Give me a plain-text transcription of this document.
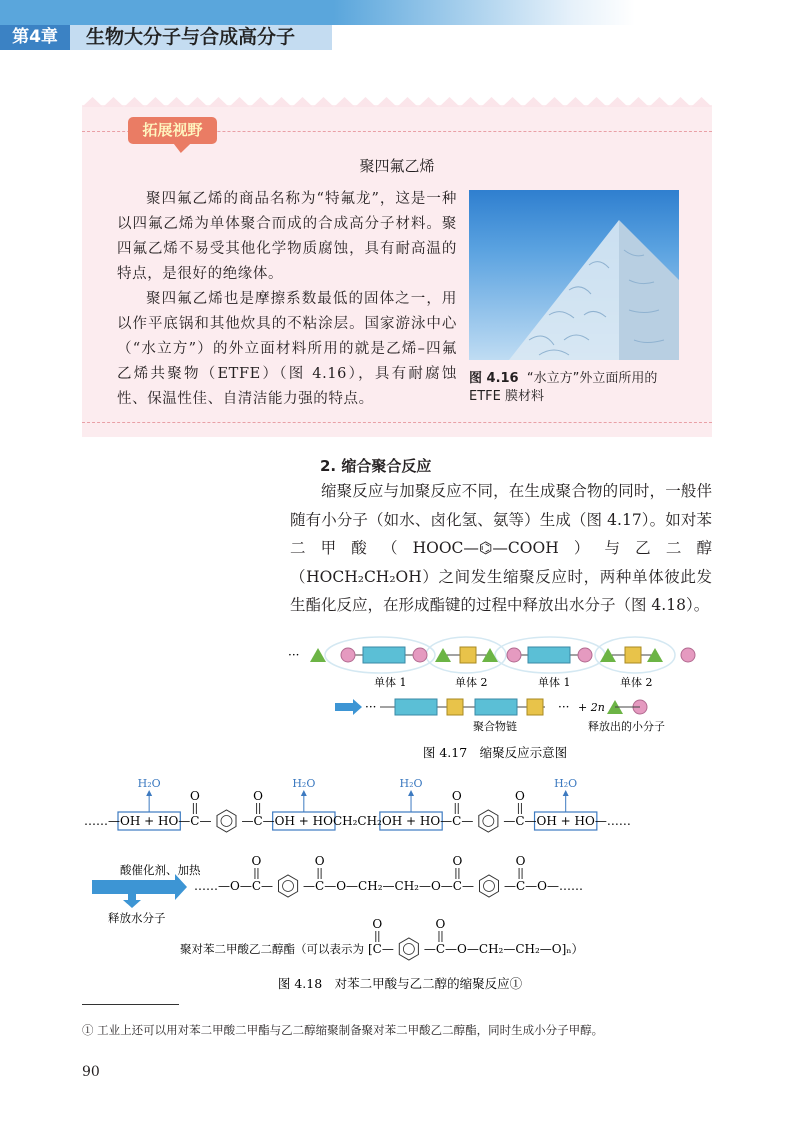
第4章	生物大分子与合成高分子
拓展视野
聚四氟乙烯

聚四氟乙烯的商品名称为“特氟龙”，这是一种以四氟乙烯为单体聚合而成的合成高分子材料。聚四氟乙烯不易受其他化学物质腐蚀，具有耐高温的特点，是很好的绝缘体。

聚四氟乙烯也是摩擦系数最低的固体之一，用以作平底锅和其他炊具的不粘涂层。国家游泳中心（“水立方”）的外立面材料所用的就是乙烯–四氟乙烯共聚物（ETFE）（图 4.16），具有耐腐蚀性、保温性佳、自清洁能力强的特点。

图 4.16 “水立方”外立面所用的ETFE 膜材料
2. 缩合聚合反应

缩聚反应与加聚反应不同，在生成聚合物的同时，一般伴随有小分子（如水、卤化氢、氨等）生成（图 4.17）。如对苯二甲酸（HOOC—⌬—COOH）与乙二醇（HOCH₂CH₂OH）之间发生缩聚反应时，两种单体彼此发生酯化反应，在形成酯键的过程中释放出水分子（图 4.18）。

···
单体 1	单体 2	单体 1	单体 2
···	··· + 2n
聚合物链	释放出的小分子
图 4.17　缩聚反应示意图
H₂O	H₂O	H₂O	H₂O
O	O	O	O
O	O	O	O
O	O
……—OH + HO—C—	—C—OH + HOCH₂CH₂OH + HO—C—	—C—OH + HO—……
酸催化剂、加热
释放水分子
……—O—C—	—C—O—CH₂—CH₂—O—C—	—C—O—……
聚对苯二甲酸乙二醇酯（可以表示为 [C—	—C—O—CH₂—CH₂—O]ₙ）
图 4.18　对苯二甲酸与乙二醇的缩聚反应①
① 工业上还可以用对苯二甲酸二甲酯与乙二醇缩聚制备聚对苯二甲酸乙二醇酯，同时生成小分子甲醇。
90
